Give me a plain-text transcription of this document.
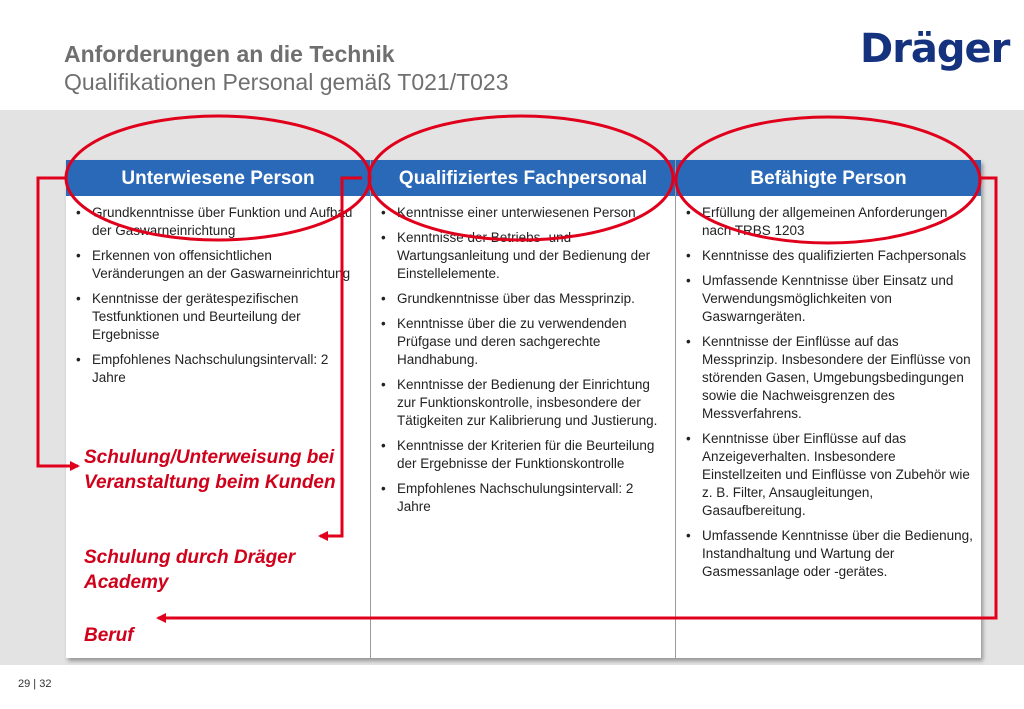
Anforderungen an die Technik
Qualifikationen Personal gemäß T021/T023
Dräger
Unterwiesene Person
• Grundkenntnisse über Funktion und Aufbau der Gaswarneinrichtung
• Erkennen von offensichtlichen Veränderungen an der Gaswarneinrichtung
• Kenntnisse der gerätespezifischen Testfunktionen und Beurteilung der Ergebnisse
• Empfohlenes Nachschulungsintervall: 2 Jahre
Qualifiziertes Fachpersonal
• Kenntnisse einer unterwiesenen Person
• Kenntnisse der Betriebs- und Wartungsanleitung und der Bedienung der Einstellelemente.
• Grundkenntnisse über das Messprinzip.
• Kenntnisse über die zu verwendenden Prüfgase und deren sachgerechte Handhabung.
• Kenntnisse der Bedienung der Einrichtung zur Funktionskontrolle, insbesondere der Tätigkeiten zur Kalibrierung und Justierung.
• Kenntnisse der Kriterien für die Beurteilung der Ergebnisse der Funktionskontrolle
• Empfohlenes Nachschulungsintervall: 2 Jahre
Befähigte Person
• Erfüllung der allgemeinen Anforderungen nach TRBS 1203
• Kenntnisse des qualifizierten Fachpersonals
• Umfassende Kenntnisse über Einsatz und Verwendungsmöglichkeiten von Gaswarngeräten.
• Kenntnisse der Einflüsse auf das Messprinzip. Insbesondere der Einflüsse von störenden Gasen, Umgebungsbedingungen sowie die Nachweisgrenzen des Messverfahrens.
• Kenntnisse über Einflüsse auf das Anzeigeverhalten. Insbesondere Einstellzeiten und Einflüsse von Zubehör wie z. B. Filter, Ansaugleitungen, Gasaufbereitung.
• Umfassende Kenntnisse über die Bedienung, Instandhaltung und Wartung der Gasmessanlage oder -gerätes.
Schulung/Unterweisung bei Veranstaltung beim Kunden
Schulung durch Dräger Academy
Beruf
29 | 32
